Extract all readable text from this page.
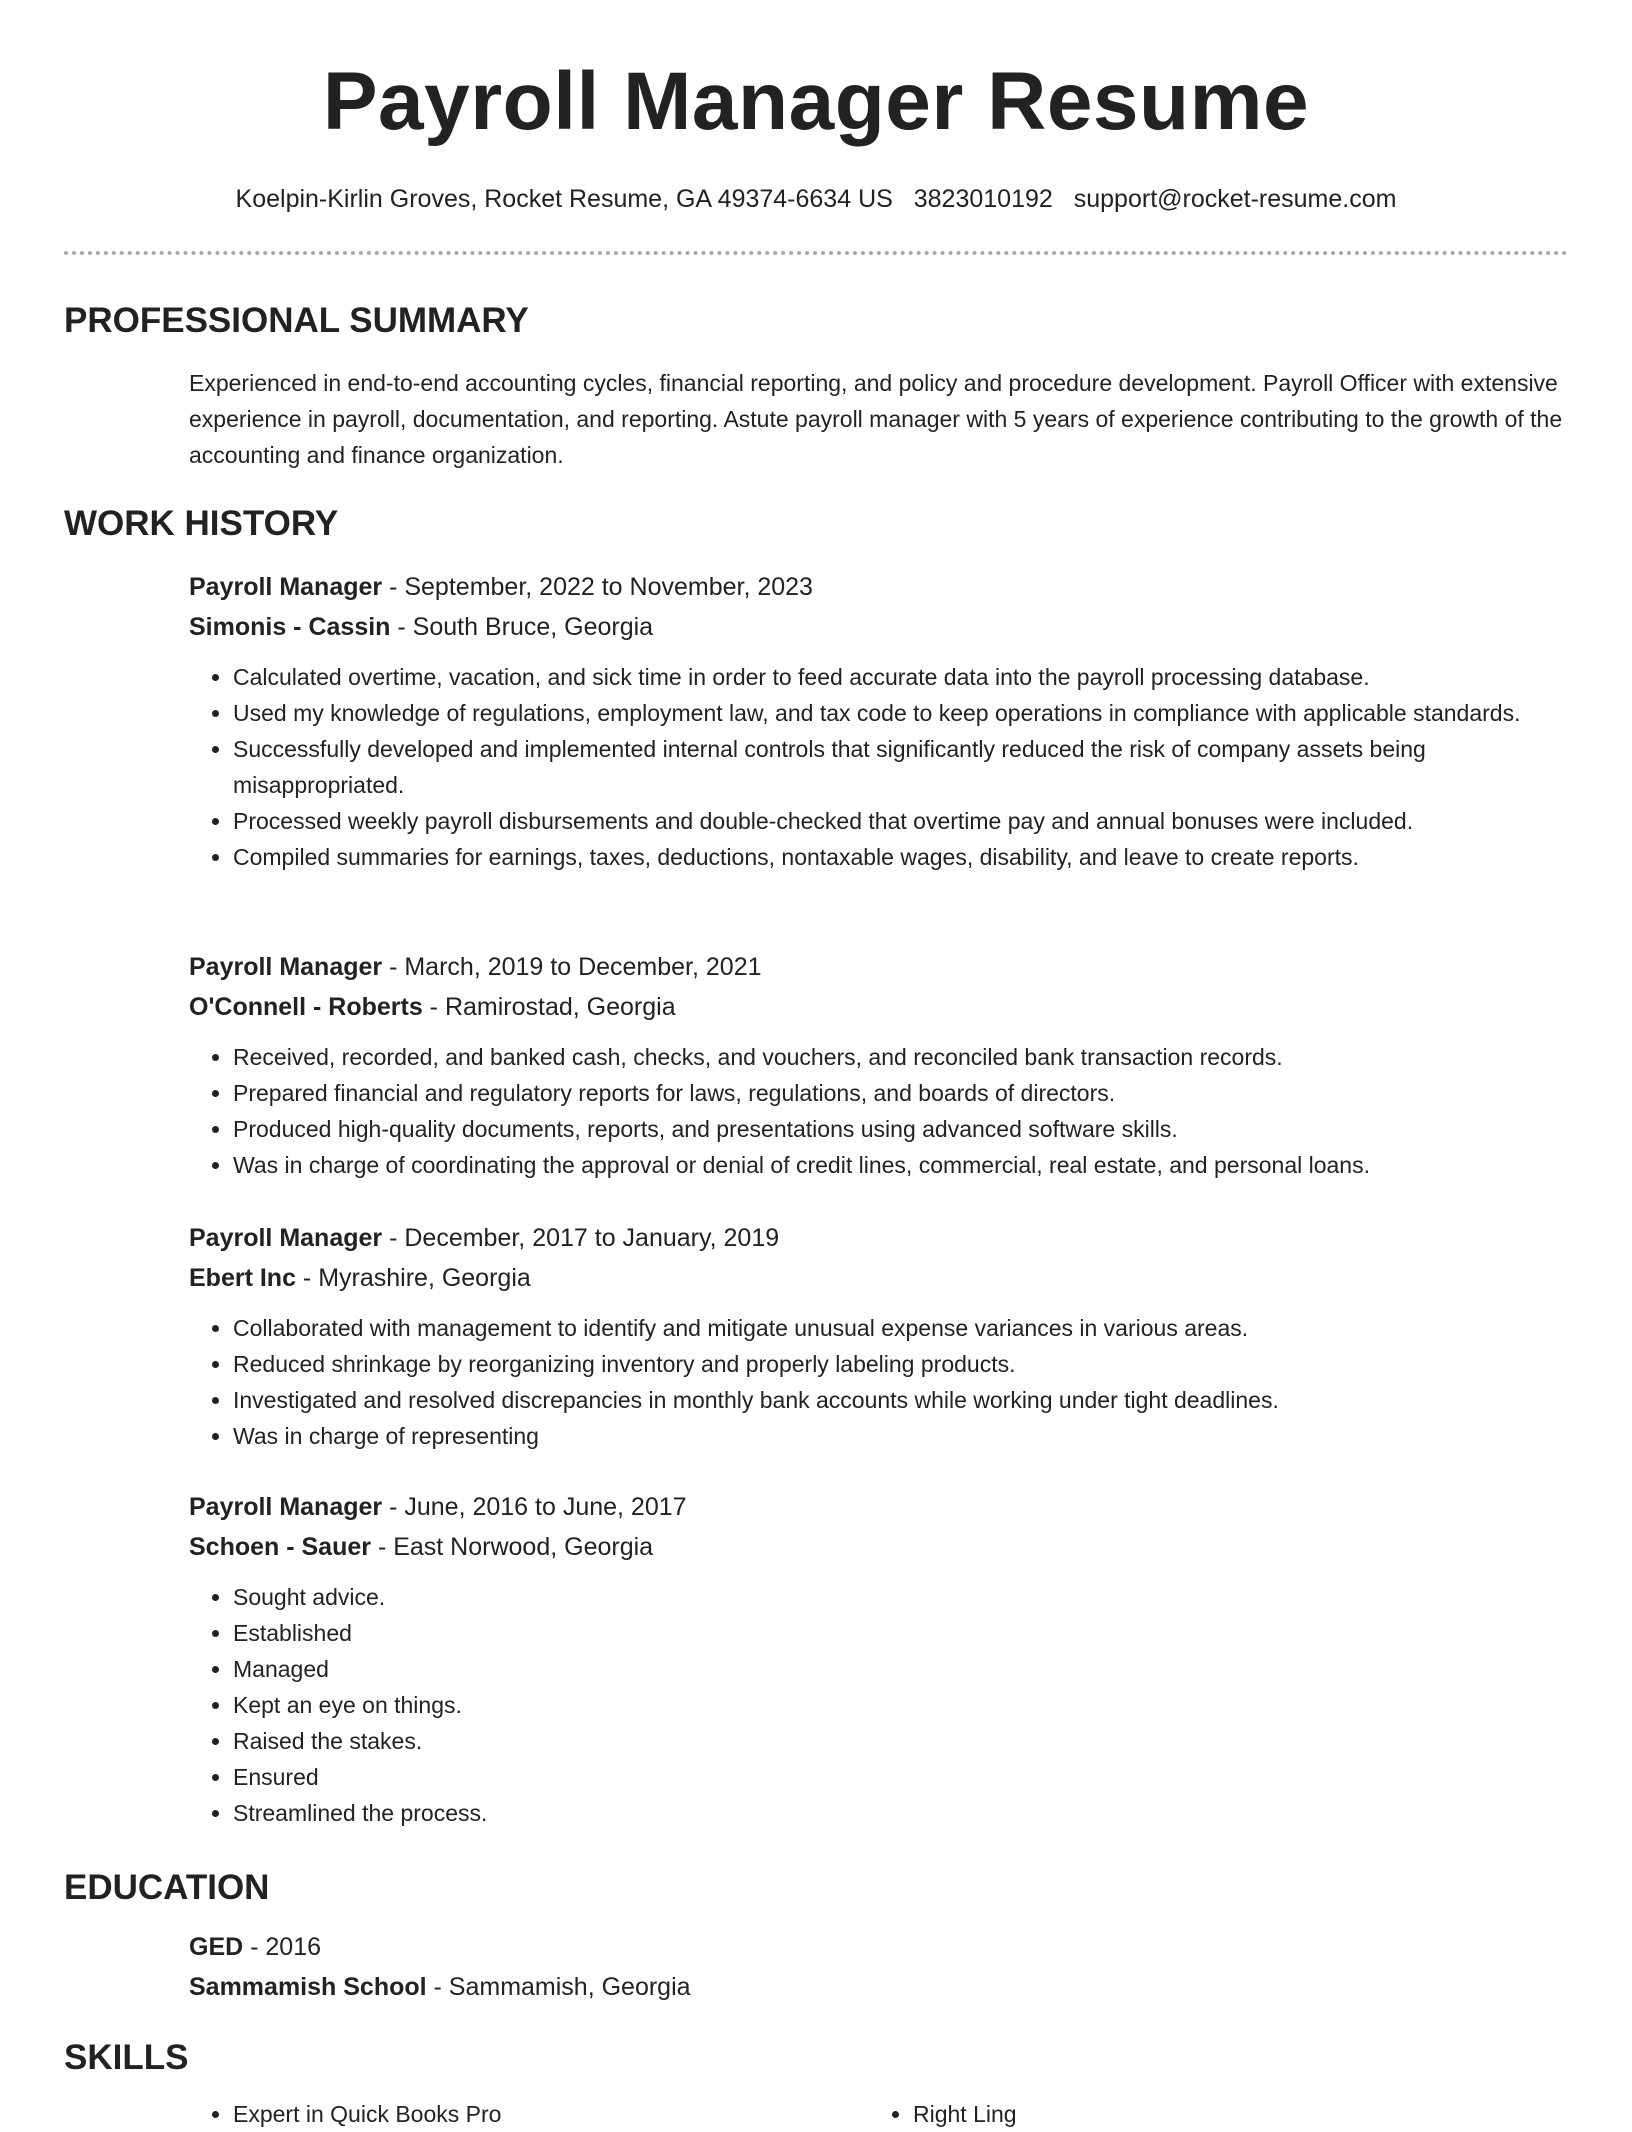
Payroll Manager Resume
Koelpin-Kirlin Groves, Rocket Resume, GA 49374-6634 US 3823010192 support@rocket-resume.com
PROFESSIONAL SUMMARY

Experienced in end-to-end accounting cycles, financial reporting, and policy and procedure development. Payroll Officer with extensive experience in payroll, documentation, and reporting. Astute payroll manager with 5 years of experience contributing to the growth of the accounting and finance organization.

WORK HISTORY
Payroll Manager - September, 2022 to November, 2023
Simonis - Cassin - South Bruce, Georgia
• Calculated overtime, vacation, and sick time in order to feed accurate data into the payroll processing database.
• Used my knowledge of regulations, employment law, and tax code to keep operations in compliance with applicable standards.
• Successfully developed and implemented internal controls that significantly reduced the risk of company assets being misappropriated.
• Processed weekly payroll disbursements and double-checked that overtime pay and annual bonuses were included.
• Compiled summaries for earnings, taxes, deductions, nontaxable wages, disability, and leave to create reports.
Payroll Manager - March, 2019 to December, 2021
O'Connell - Roberts - Ramirostad, Georgia
• Received, recorded, and banked cash, checks, and vouchers, and reconciled bank transaction records.
• Prepared financial and regulatory reports for laws, regulations, and boards of directors.
• Produced high-quality documents, reports, and presentations using advanced software skills.
• Was in charge of coordinating the approval or denial of credit lines, commercial, real estate, and personal loans.
Payroll Manager - December, 2017 to January, 2019
Ebert Inc - Myrashire, Georgia
• Collaborated with management to identify and mitigate unusual expense variances in various areas.
• Reduced shrinkage by reorganizing inventory and properly labeling products.
• Investigated and resolved discrepancies in monthly bank accounts while working under tight deadlines.
• Was in charge of representing
Payroll Manager - June, 2016 to June, 2017
Schoen - Sauer - East Norwood, Georgia
• Sought advice.
• Established
• Managed
• Kept an eye on things.
• Raised the stakes.
• Ensured
• Streamlined the process.
EDUCATION
GED - 2016
Sammamish School - Sammamish, Georgia
SKILLS
• Expert in Quick Books Pro
•	Right Ling
